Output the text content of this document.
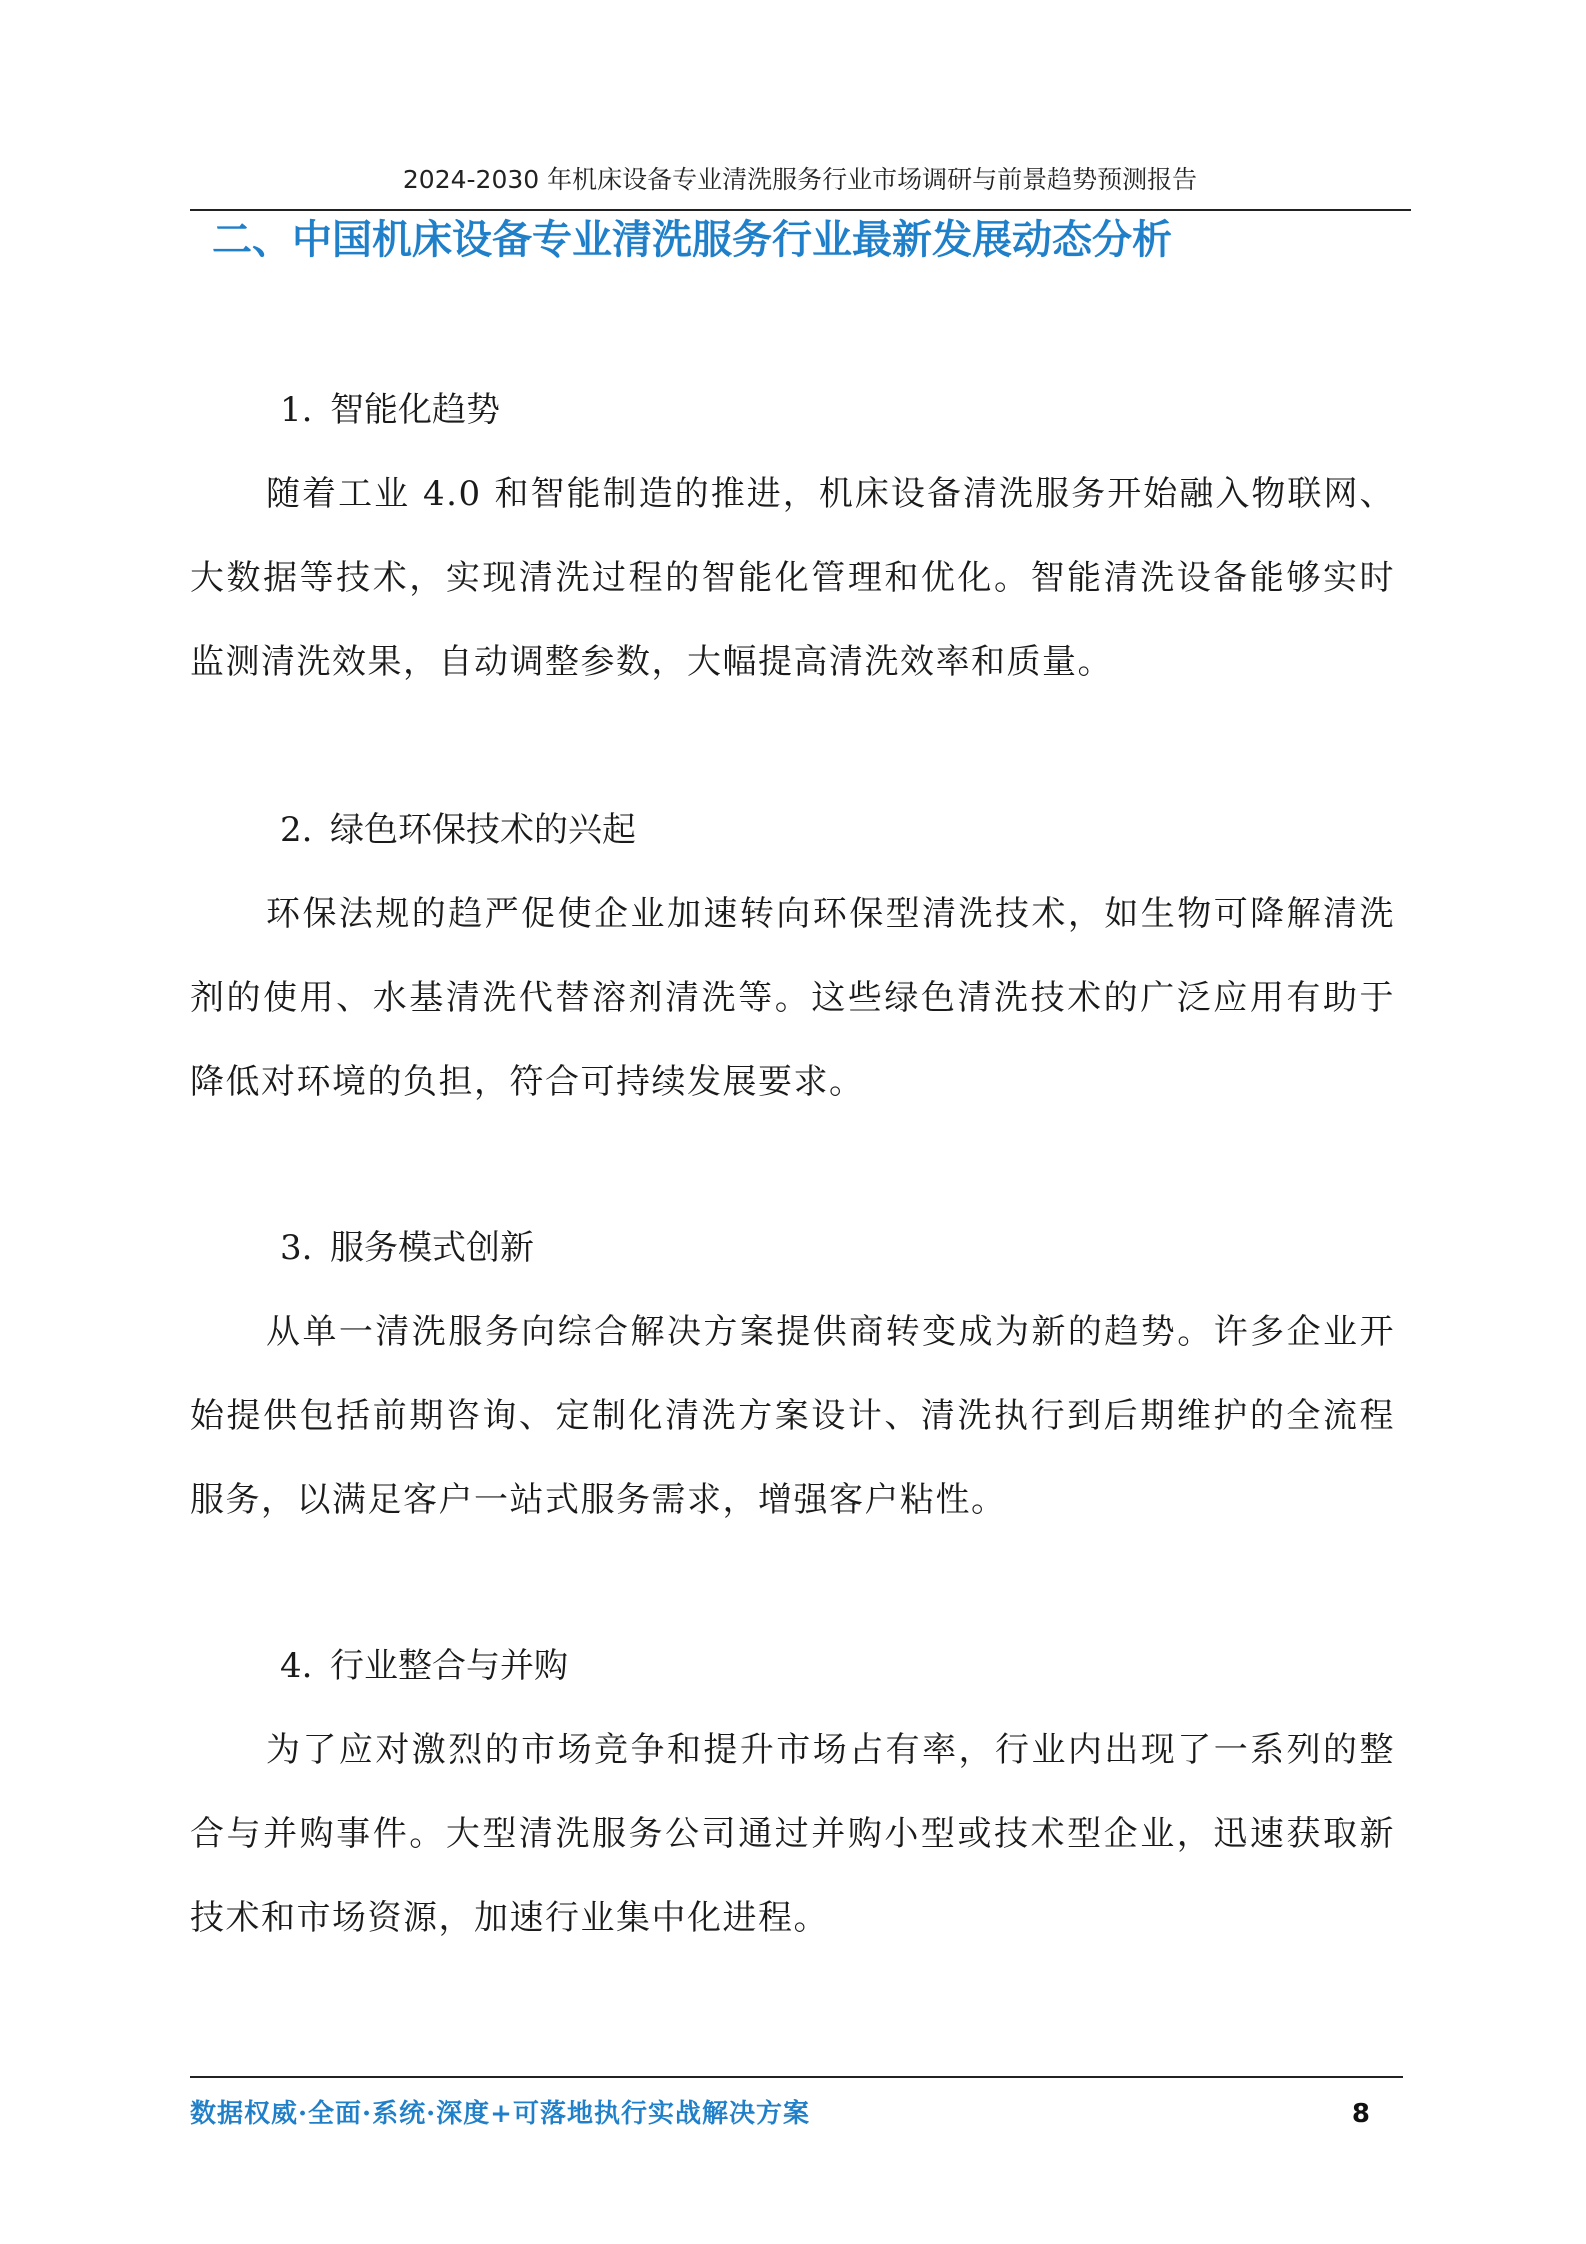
2024-2030 年机床设备专业清洗服务行业市场调研与前景趋势预测报告
二、中国机床设备专业清洗服务行业最新发展动态分析
1. 智能化趋势

随着工业 4.0 和智能制造的推进，机床设备清洗服务开始融入物联网、大数据等技术，实现清洗过程的智能化管理和优化。智能清洗设备能够实时监测清洗效果，自动调整参数，大幅提高清洗效率和质量。

2. 绿色环保技术的兴起

环保法规的趋严促使企业加速转向环保型清洗技术，如生物可降解清洗剂的使用、水基清洗代替溶剂清洗等。这些绿色清洗技术的广泛应用有助于降低对环境的负担，符合可持续发展要求。

3. 服务模式创新

从单一清洗服务向综合解决方案提供商转变成为新的趋势。许多企业开始提供包括前期咨询、定制化清洗方案设计、清洗执行到后期维护的全流程服务，以满足客户一站式服务需求，增强客户粘性。

4. 行业整合与并购

为了应对激烈的市场竞争和提升市场占有率，行业内出现了一系列的整合与并购事件。大型清洗服务公司通过并购小型或技术型企业，迅速获取新技术和市场资源，加速行业集中化进程。

数据权威·全面·系统·深度+可落地执行实战解决方案	8
